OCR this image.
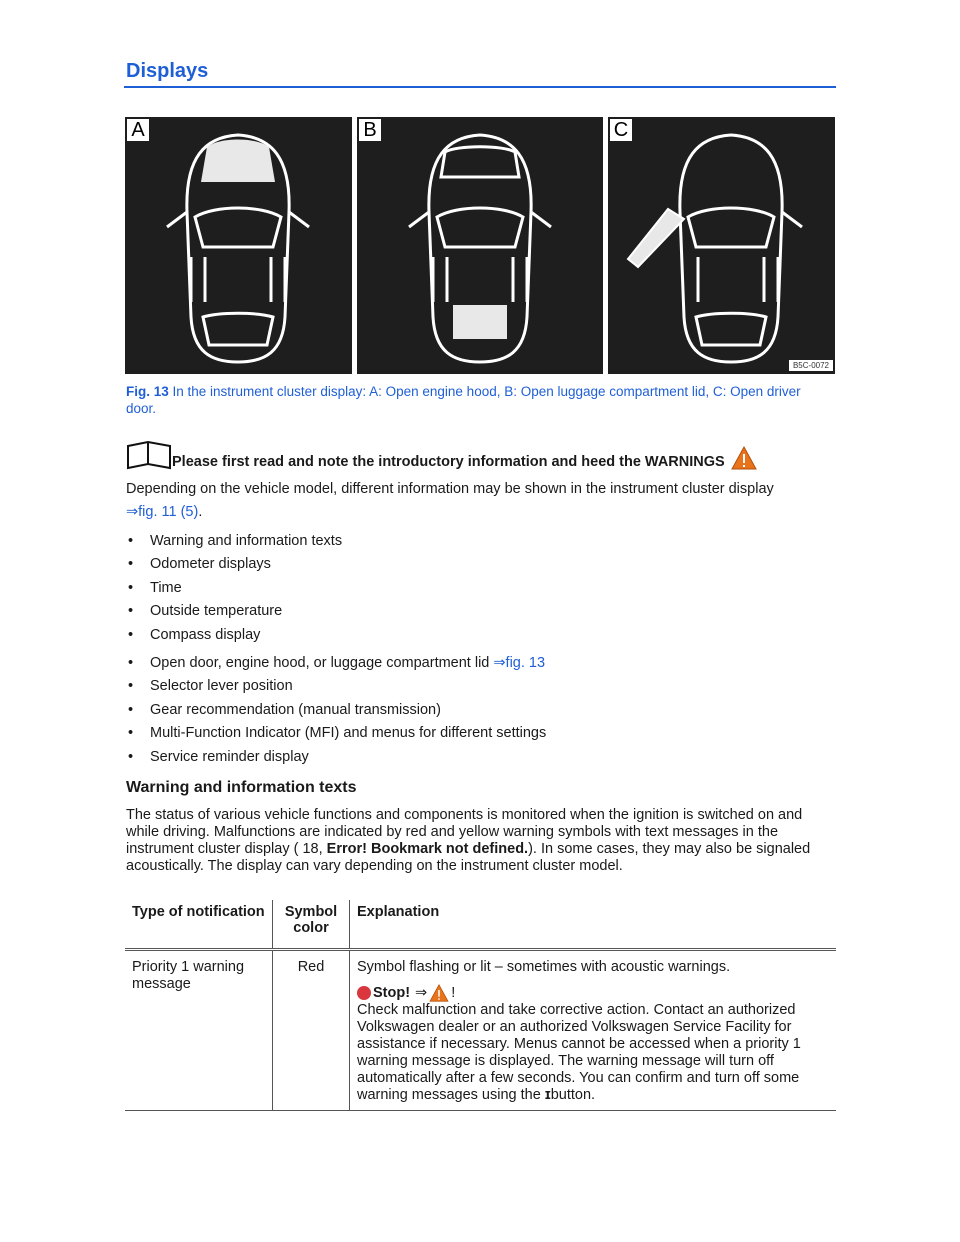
Displays
A	B	C
B5C-0072
Fig. 13 In the instrument cluster display: A: Open engine hood, B: Open luggage compartment lid, C: Open driver door.
Please first read and note the introductory information and heed the WARNINGS
Depending on the vehicle model, different information may be shown in the instrument cluster display
⇒fig. 11 (5).
• Warning and information texts
• Odometer displays
• Time
• Outside temperature
• Compass display
• Open door, engine hood, or luggage compartment lid ⇒fig. 13
• Selector lever position
• Gear recommendation (manual transmission)
• Multi-Function Indicator (MFI) and menus for different settings
• Service reminder display
Warning and information texts
The status of various vehicle functions and components is monitored when the ignition is switched on and while driving. Malfunctions are indicated by red and yellow warning symbols with text messages in the instrument cluster display ( 18, Error! Bookmark not defined.). In some cases, they may also be signaled acoustically. The display can vary depending on the instrument cluster model.
Type of notification	Symbol color	Explanation
Priority 1 warning message	Red	Symbol flashing or lit – sometimes with acoustic warnings.
Stop! ⇒ !
Check malfunction and take corrective action. Contact an authorized Volkswagen dealer or an authorized Volkswagen Service Facility for assistance if necessary. Menus cannot be accessed when a priority 1 warning message is displayed. The warning message will turn off automatically after a few seconds. You can confirm and turn off some warning messages using the ɪbutton.
